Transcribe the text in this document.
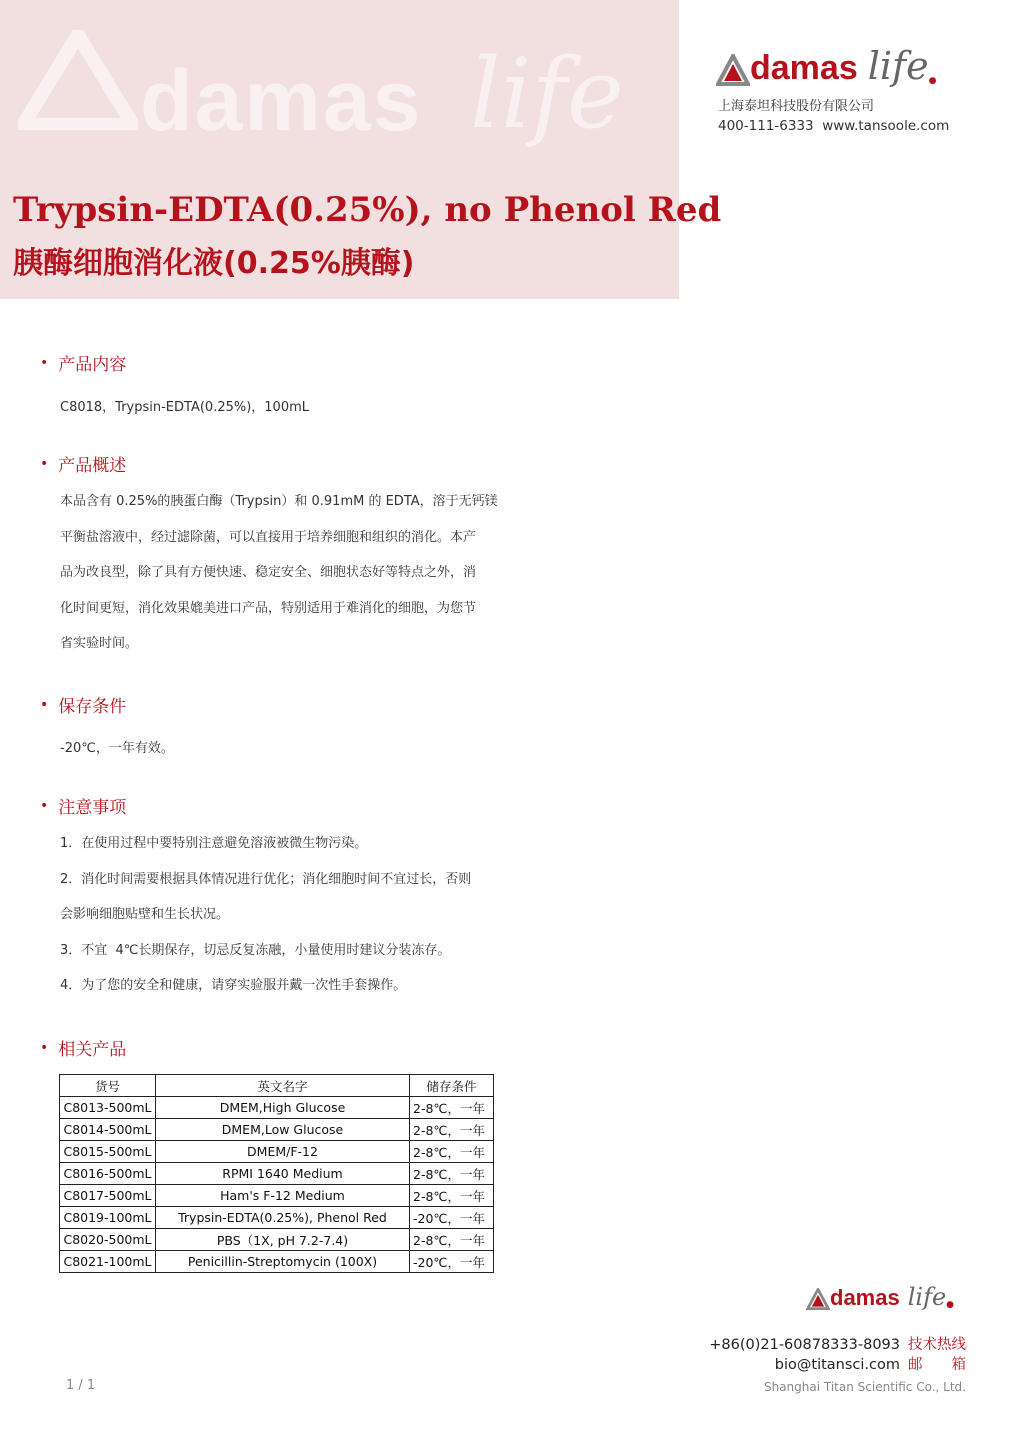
damas life
Trypsin-EDTA(0.25%), no Phenol Red
胰酶细胞消化液(0.25%胰酶)
damas life ●
上海泰坦科技股份有限公司
400-111-6333  www.tansoole.com
• 产品内容
C8018，Trypsin-EDTA(0.25%)，100mL
• 产品概述
本品含有 0.25%的胰蛋白酶（Trypsin）和 0.91mM 的 EDTA，溶于无钙镁
平衡盐溶液中，经过滤除菌，可以直接用于培养细胞和组织的消化。本产
品为改良型，除了具有方便快速、稳定安全、细胞状态好等特点之外，消
化时间更短，消化效果媲美进口产品，特别适用于难消化的细胞，为您节
省实验时间。
• 保存条件
-20℃，一年有效。
• 注意事项
1．在使用过程中要特别注意避免溶液被微生物污染。
2．消化时间需要根据具体情况进行优化；消化细胞时间不宜过长，否则
会影响细胞贴壁和生长状况。
3．不宜  4℃长期保存，切忌反复冻融，小量使用时建议分装冻存。
4．为了您的安全和健康，请穿实验服并戴一次性手套操作。
• 相关产品
货号	英文名字	储存条件
C8013-500mL	DMEM,High Glucose	2-8℃，一年
C8014-500mL	DMEM,Low Glucose	2-8℃，一年
C8015-500mL	DMEM/F-12	2-8℃，一年
C8016-500mL	RPMI 1640 Medium	2-8℃，一年
C8017-500mL	Ham's F-12 Medium	2-8℃，一年
C8019-100mL	Trypsin-EDTA(0.25%), Phenol Red	-20℃，一年
C8020-500mL	PBS（1X, pH 7.2-7.4)	2-8℃，一年
C8021-100mL	Penicillin-Streptomycin (100X)	-20℃，一年
damas life ●
+86(0)21-60878333-8093 技术热线
bio@titansci.com 邮　　箱
1 / 1	Shanghai Titan Scientific Co., Ltd.
